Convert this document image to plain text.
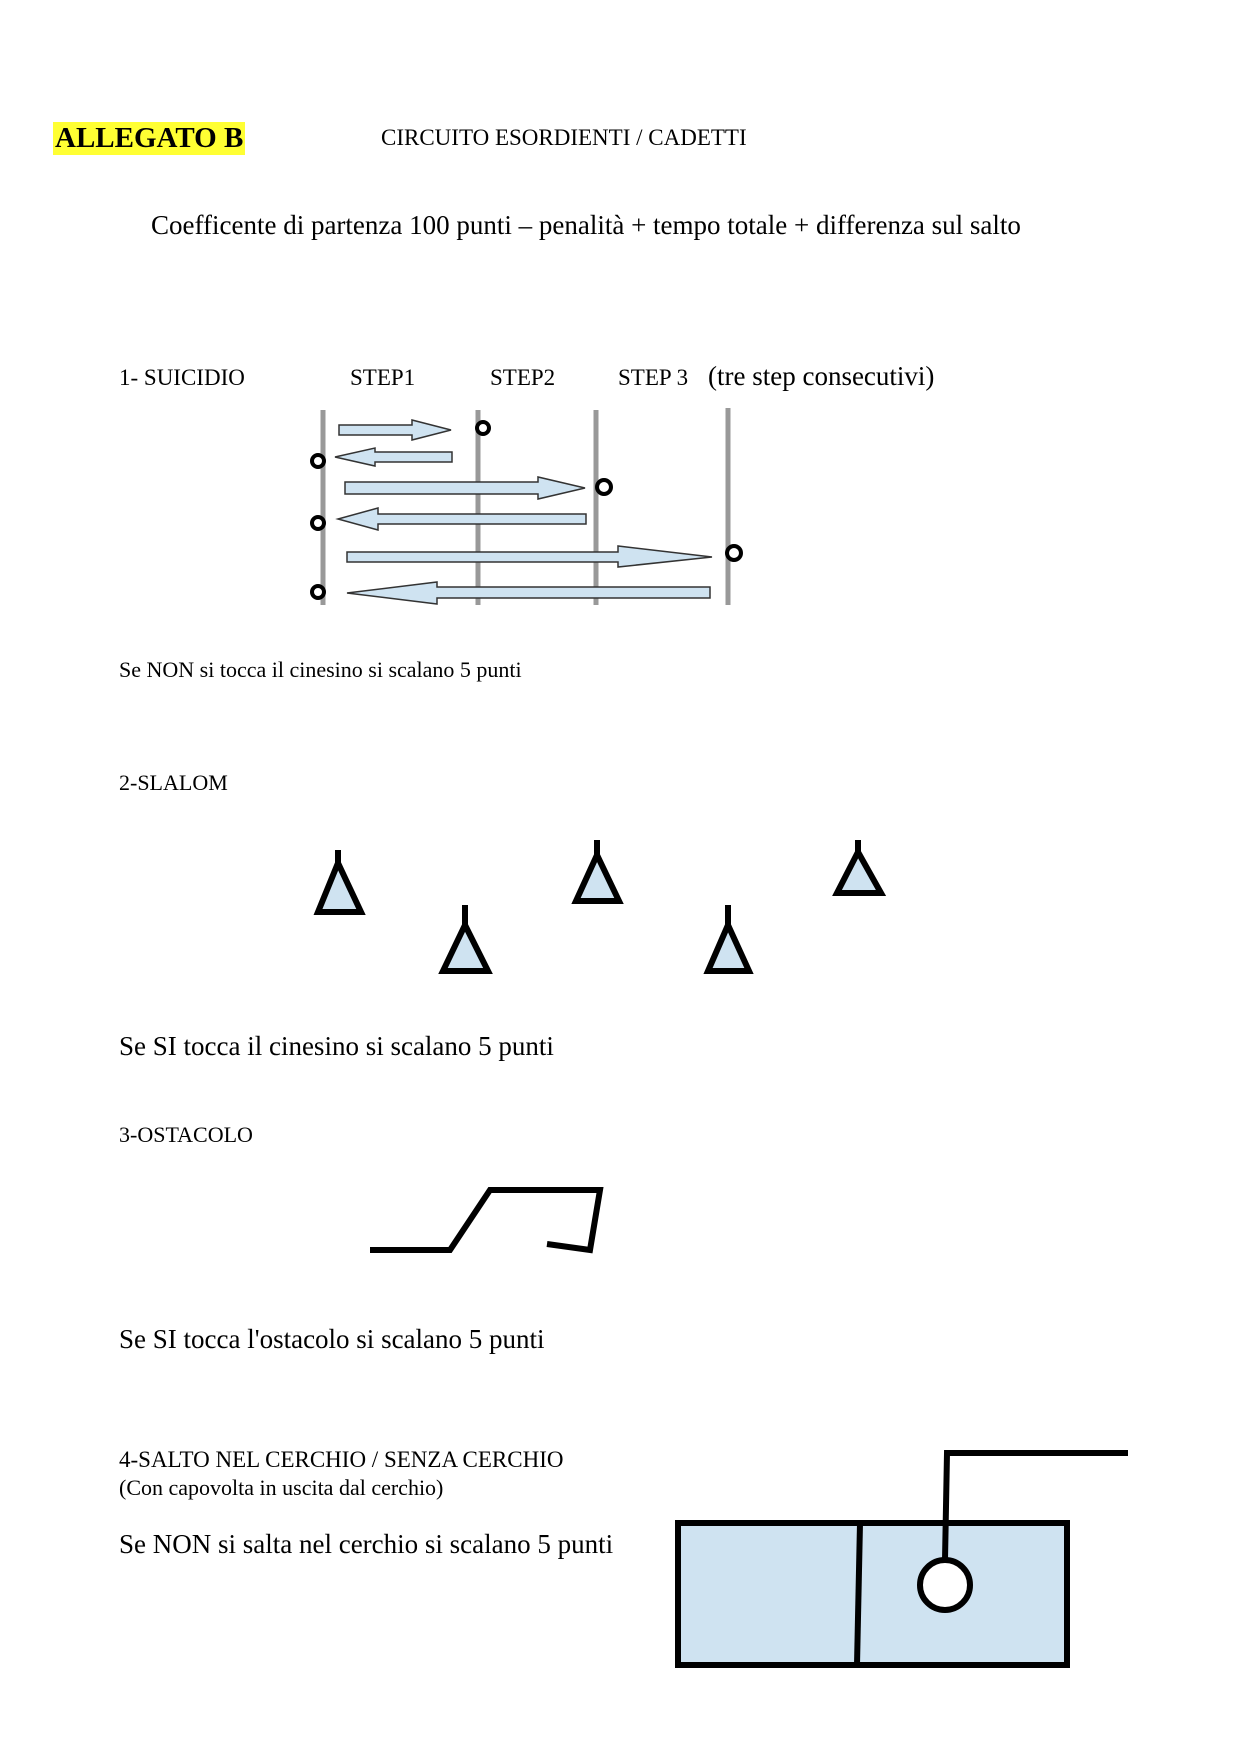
ALLEGATO B	CIRCUITO ESORDIENTI / CADETTI
Coefficente di partenza 100 punti – penalità + tempo totale + differenza sul salto
1- SUICIDIO	STEP1	STEP2	STEP 3 (tre step consecutivi)
Se NON si tocca il cinesino si scalano 5 punti
2-SLALOM
Se SI tocca il cinesino si scalano 5 punti
3-OSTACOLO
Se SI tocca l'ostacolo si scalano 5 punti
4-SALTO NEL CERCHIO / SENZA CERCHIO
(Con capovolta in uscita dal cerchio)
Se NON si salta nel cerchio si scalano 5 punti
